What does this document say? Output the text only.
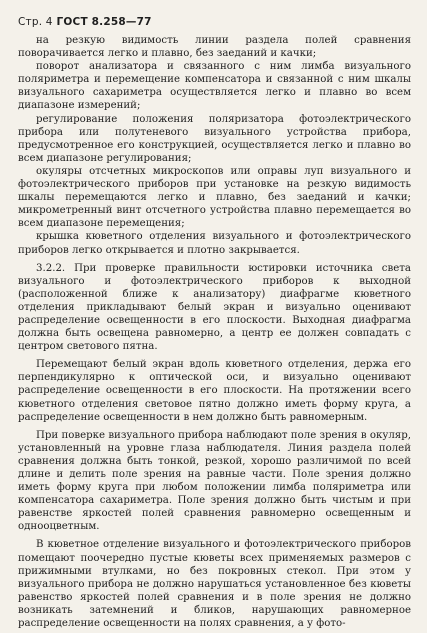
Стр. 4 ГОСТ 8.258—77

на резкую видимость линии раздела полей сравнения поворачивается легко и плавно, без заеданий и качки;

поворот анализатора и связанного с ним лимба визуального поляриметра и перемещение компенсатора и связанной с ним шкалы визуального сахариметра осуществляется легко и плавно во всем диапазоне измерений;

регулирование положения поляризатора фотоэлектрического прибора или полутеневого визуального устройства прибора, предусмотренное его конструкцией, осуществляется легко и плавно во всем диапазоне регулирования;

окуляры отсчетных микроскопов или оправы луп визуального и фотоэлектрического приборов при установке на резкую видимость шкалы перемещаются легко и плавно, без заеданий и качки; микрометренный винт отсчетного устройства плавно перемещается во всем диапазоне перемещения;

крышка кюветного отделения визуального и фотоэлектрического приборов легко открывается и плотно закрывается.

3.2.2. При проверке правильности юстировки источника света визуального и фотоэлектрического приборов к выходной (расположенной ближе к анализатору) диафрагме кюветного отделения прикладывают белый экран и визуально оценивают распределение освещенности в его плоскости. Выходная диафрагма должна быть освещена равномерно, а центр ее должен совпадать с центром светового пятна.

Перемещают белый экран вдоль кюветного отделения, держа его перпендикулярно к оптической оси, и визуально оценивают распределение освещенности в его плоскости. На протяжении всего кюветного отделения световое пятно должно иметь форму круга, а распределение освещенности в нем должно быть равномерным.

При поверке визуального прибора наблюдают поле зрения в окуляр, установленный на уровне глаза наблюдателя. Линия раздела полей сравнения должна быть тонкой, резкой, хорошо различимой по всей длине и делить поле зрения на равные части. Поле зрения должно иметь форму круга при любом положении лимба поляриметра или компенсатора сахариметра. Поле зрения должно быть чистым и при равенстве яркостей полей сравнения равномерно освещенным и однооцветным.

В кюветное отделение визуального и фотоэлектрического приборов помещают поочередно пустые кюветы всех применяемых размеров с прижимными втулками, но без покровных стекол. При этом у визуального прибора не должно нарушаться установленное без кюветы равенство яркостей полей сравнения и в поле зрения не должно возникать затемнений и бликов, нарушающих равномерное распределение освещенности на полях сравнения, а у фото-
